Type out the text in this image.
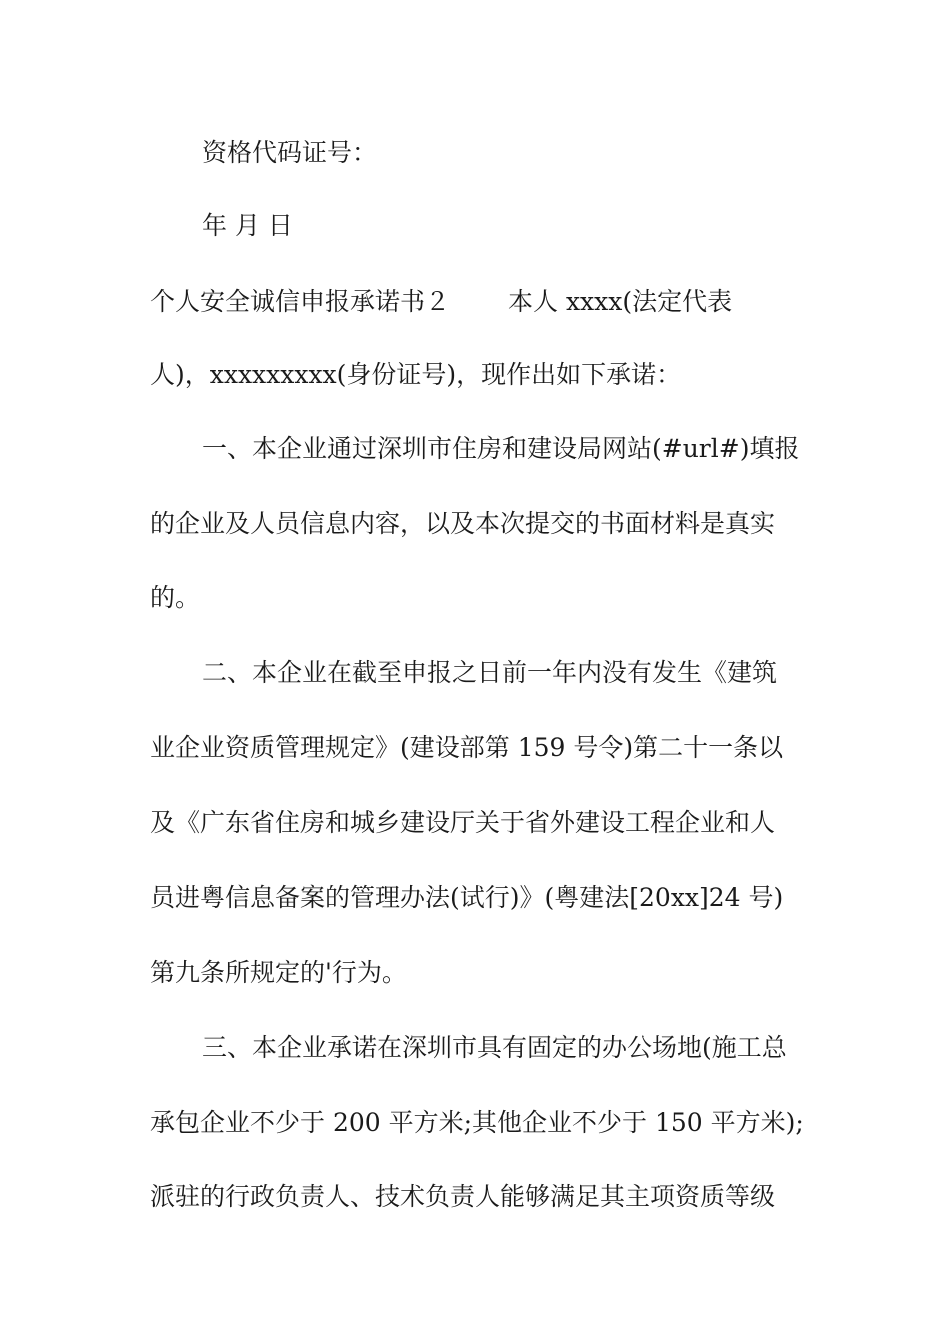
资格代码证号：
年 月 日
个人安全诚信申报承诺书２ 本人 xxxx(法定代表
人)，xxxxxxxxx(身份证号)，现作出如下承诺：
一、本企业通过深圳市住房和建设局网站(#url#)填报
的企业及人员信息内容，以及本次提交的书面材料是真实
的。
二、本企业在截至申报之日前一年内没有发生《建筑
业企业资质管理规定》(建设部第 159 号令)第二十一条以
及《广东省住房和城乡建设厅关于省外建设工程企业和人
员进粤信息备案的管理办法(试行)》(粤建法[20xx]24 号)
第九条所规定的'行为。
三、本企业承诺在深圳市具有固定的办公场地(施工总
承包企业不少于 200 平方米;其他企业不少于 150 平方米);
派驻的行政负责人、技术负责人能够满足其主项资质等级
